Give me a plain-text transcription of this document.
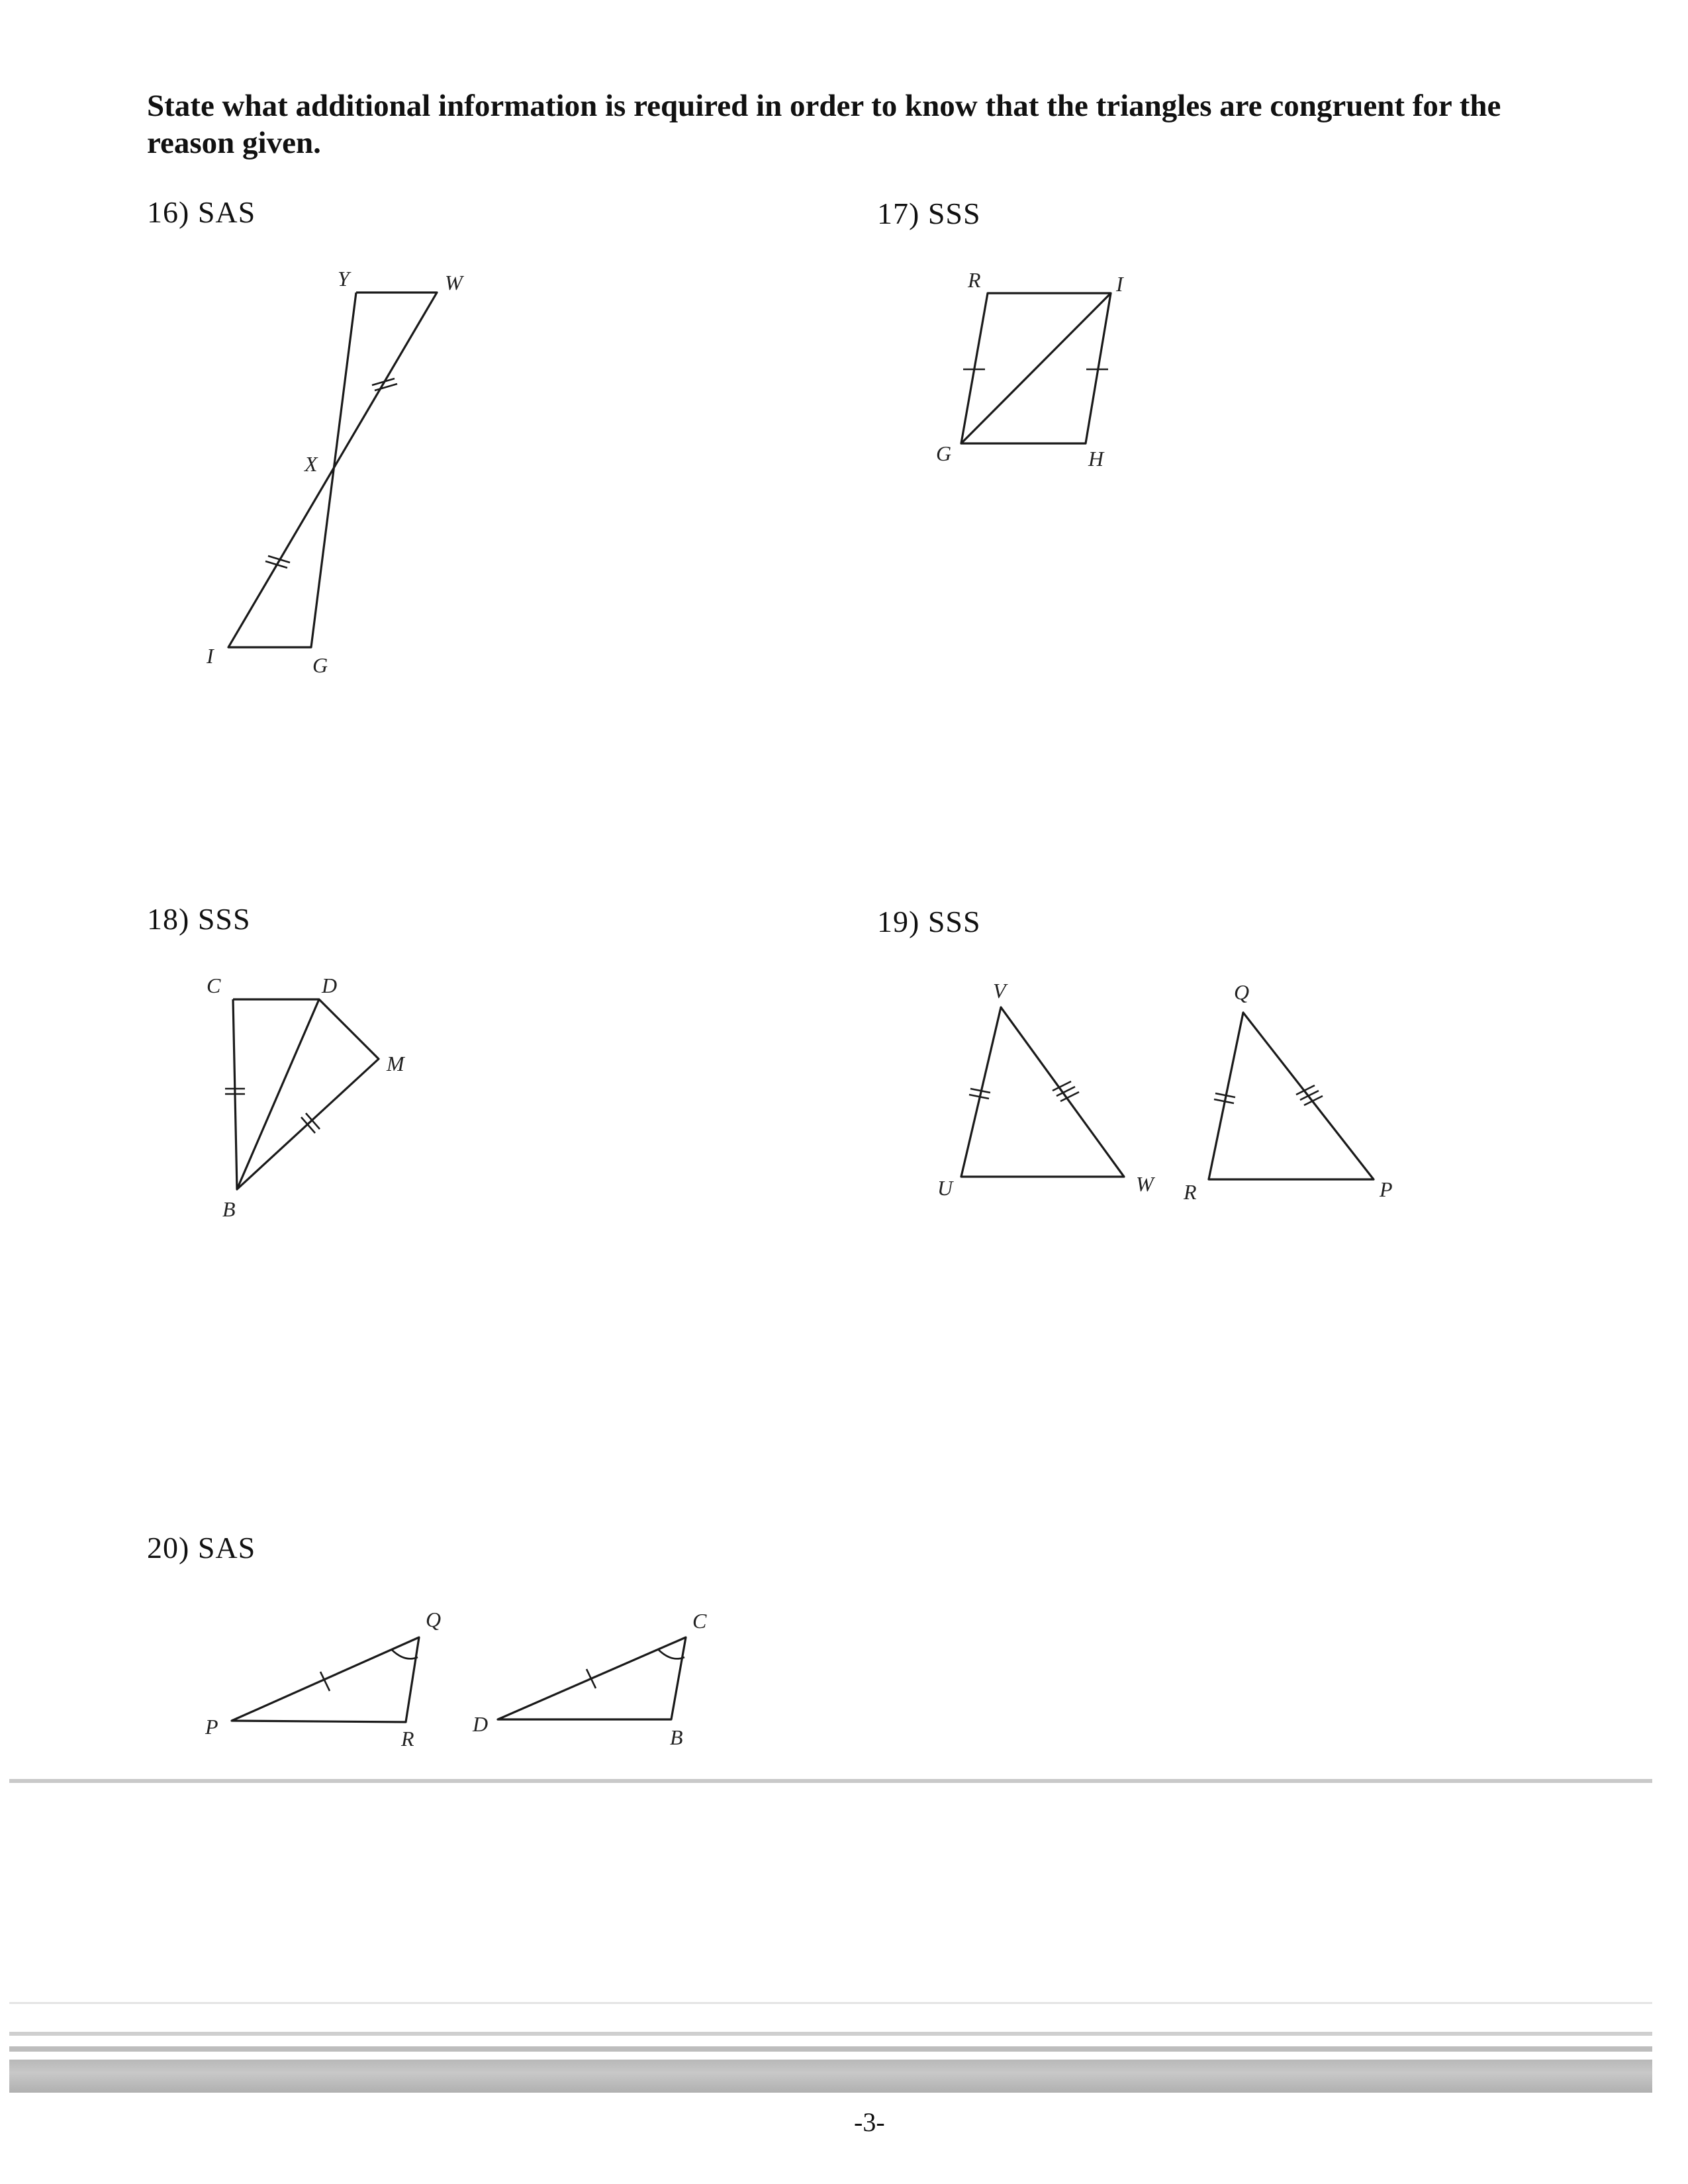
State what additional information is required in order to know that the triangles are congruent for the reason given.
16) SAS	17) SSS
18) SSS	19) SSS
20) SAS
Y	W
X
I	G
R	I
G	H
C	D
M
B
V
U	W
Q
R	P
Q
P	R
D
C
B
-3-
